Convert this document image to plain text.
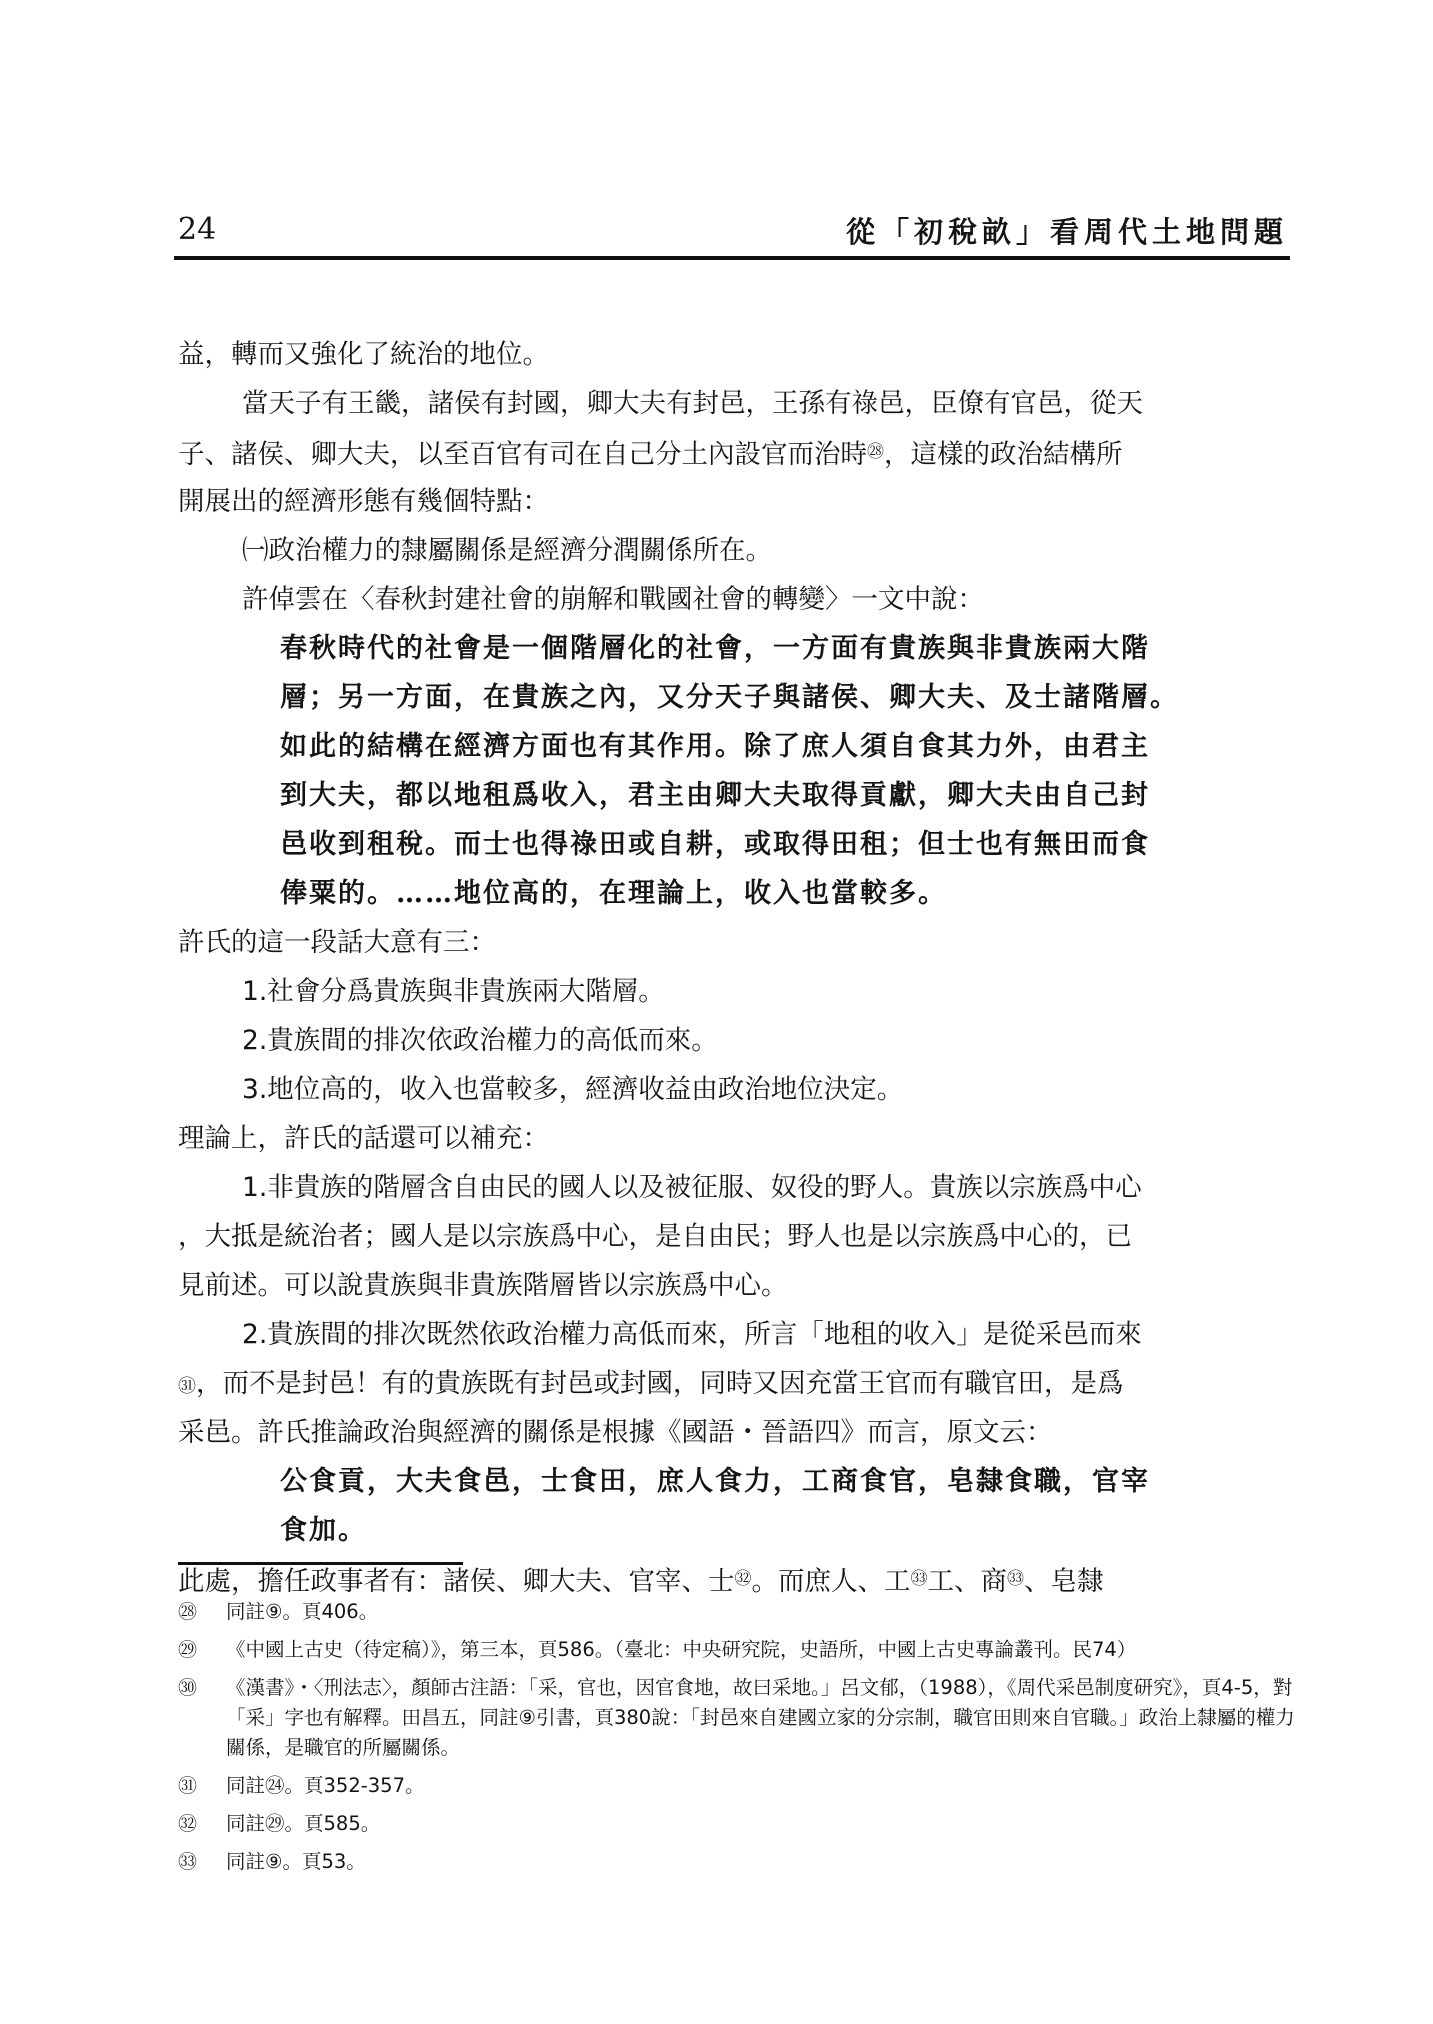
24	從「初稅畝」看周代土地問題
益，轉而又強化了統治的地位。
當天子有王畿，諸侯有封國，卿大夫有封邑，王孫有祿邑，臣僚有官邑，從天
子、諸侯、卿大夫，以至百官有司在自己分土內設官而治時$^㉘$，這樣的政治結構所
開展出的經濟形態有幾個特點：
㈠政治權力的隸屬關係是經濟分潤關係所在。
許倬雲在〈春秋封建社會的崩解和戰國社會的轉變〉一文中說：
春秋時代的社會是一個階層化的社會，一方面有貴族與非貴族兩大階
層；另一方面，在貴族之內，又分天子與諸侯、卿大夫、及士諸階層。
如此的結構在經濟方面也有其作用。除了庶人須自食其力外，由君主
到大夫，都以地租爲收入，君主由卿大夫取得貢獻，卿大夫由自己封
邑收到租稅。而士也得祿田或自耕，或取得田租；但士也有無田而食
俸粟的。……地位高的，在理論上，收入也當較多。
許氏的這一段話大意有三：
1.社會分爲貴族與非貴族兩大階層。
2.貴族間的排次依政治權力的高低而來。
3.地位高的，收入也當較多，經濟收益由政治地位決定。
理論上，許氏的話還可以補充：
1.非貴族的階層含自由民的國人以及被征服、奴役的野人。貴族以宗族爲中心
，大抵是統治者；國人是以宗族爲中心，是自由民；野人也是以宗族爲中心的，已
見前述。可以說貴族與非貴族階層皆以宗族爲中心。
2.貴族間的排次既然依政治權力高低而來，所言「地租的收入」是從采邑而來
㉛，而不是封邑！有的貴族既有封邑或封國，同時又因充當王官而有職官田，是爲
采邑。許氏推論政治與經濟的關係是根據《國語・晉語四》而言，原文云：
公食貢，大夫食邑，士食田，庶人食力，工商食官，皂隸食職，官宰
食加。
此處，擔任政事者有：諸侯、卿大夫、官宰、士$^㉜$。而庶人、工$^㉝$工、商$^㉝$、皂隸
㉘ 同註⑨。頁406。
㉙ 《中國上古史（待定稿）》，第三本，頁586。（臺北：中央研究院，史語所，中國上古史專論叢刊。民74）
㉚ 《漢書》・〈刑法志〉，顏師古注語：「采，官也，因官食地，故曰采地。」呂文郁，（1988），《周代采邑制度研究》，頁4-5，對「采」字也有解釋。田昌五，同註⑨引書，頁380說：「封邑來自建國立家的分宗制，職官田則來自官職。」政治上隸屬的權力關係，是職官的所屬關係。
㉛ 同註㉔。頁352-357。
㉜ 同註㉙。頁585。
㉝ 同註⑨。頁53。
